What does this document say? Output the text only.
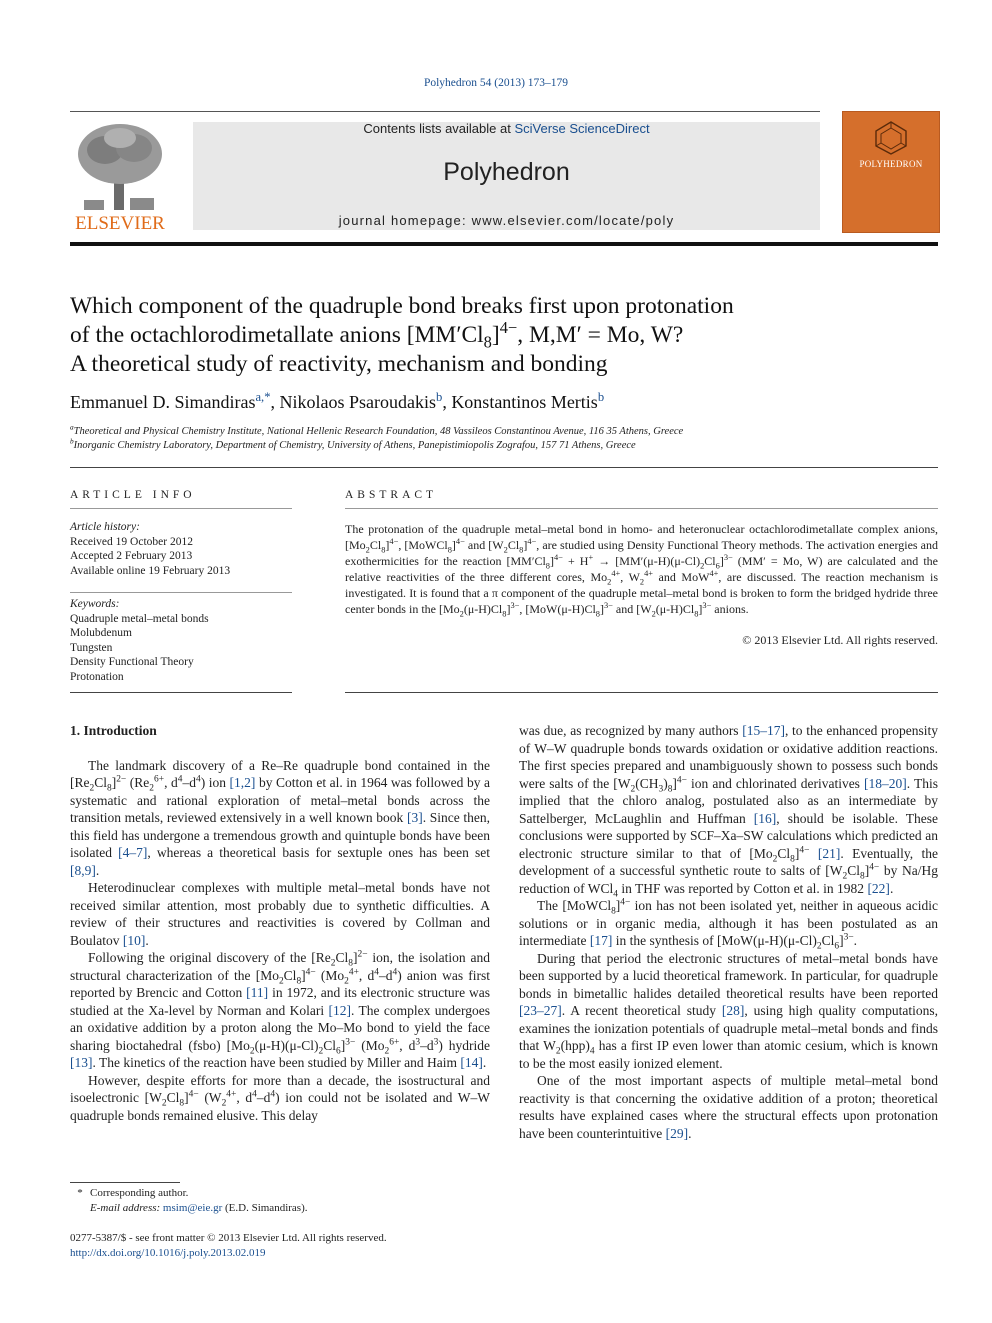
Polyhedron 54 (2013) 173–179
ELSEVIER
Contents lists available at SciVerse ScienceDirect
Polyhedron
journal homepage: www.elsevier.com/locate/poly
POLYHEDRON
Which component of the quadruple bond breaks first upon protonation
of the octachlorodimetallate anions $[MM'Cl_8]^{4-}$, M,M′ = Mo, W?
A theoretical study of reactivity, mechanism and bonding
Emmanuel D. Simandiras$^{a,*}$, Nikolaos Psaroudakis$^b$, Konstantinos Mertis$^b$
$^a$Theoretical and Physical Chemistry Institute, National Hellenic Research Foundation, 48 Vassileos Constantinou Avenue, 116 35 Athens, Greece
$^b$Inorganic Chemistry Laboratory, Department of Chemistry, University of Athens, Panepistimiopolis Zografou, 157 71 Athens, Greece
ARTICLE INFO	ABSTRACT
Article history:
Received 19 October 2012
Accepted 2 February 2013
Available online 19 February 2013
Keywords:
Quadruple metal–metal bonds
Molubdenum
Tungsten
Density Functional Theory
Protonation
The protonation of the quadruple metal–metal bond in homo- and heteronuclear octachlorodimetallate complex anions, $[Mo_2Cl_8]^{4-}$, [MoWCl$_8$]$^{4-}$ and $[W_2Cl_8]^{4-}$, are studied using Density Functional Theory methods. The activation energies and exothermicities for the reaction $[MM'Cl_8]^{4-} + H^+ \to [MM'(\mu-H)(\mu-Cl)_2Cl_6]^{3-}$ (MM′ = Mo, W) are calculated and the relative reactivities of the three different cores, $Mo_2^{4+}$, $W_2^{4+}$ and MoW$^{4+}$, are discussed. The reaction mechanism is investigated. It is found that a π component of the quadruple metal–metal bond is broken to form the bridged hydride three center bonds in the $[Mo_2(\mu-H)Cl_8]^{3-}$, $[MoW(\mu-H)Cl_8]^{3-}$ and $[W_2(\mu-H)Cl_8]^{3-}$ anions.
© 2013 Elsevier Ltd. All rights reserved.
1. Introduction

The landmark discovery of a Re–Re quadruple bond contained in the $[Re_2Cl_8]^{2-}$ ($Re_2^{6+}$, $d^4-d^4$) ion [1,2] by Cotton et al. in 1964 was followed by a systematic and rational exploration of metal–metal bonds across the transition metals, reviewed extensively in a well known book [3]. Since then, this field has undergone a tremendous growth and quintuple bonds have been isolated [4–7], whereas a theoretical basis for sextuple ones has been set [8,9].

Heterodinuclear complexes with multiple metal–metal bonds have not received similar attention, most probably due to synthetic difficulties. A review of their structures and reactivities is covered by Collman and Boulatov [10].

Following the original discovery of the $[Re_2Cl_8]^{2-}$ ion, the isolation and structural characterization of the $[Mo_2Cl_8]^{4-}$ ($Mo_2^{4+}$, $d^4-d^4$) anion was first reported by Brencic and Cotton [11] in 1972, and its electronic structure was studied at the Xa-level by Norman and Kolari [12]. The complex undergoes an oxidative addition by a proton along the Mo–Mo bond to yield the face sharing bioctahedral (fsbo) $[Mo_2(\mu-H)(\mu-Cl)_2Cl_6]^{3-}$ ($Mo_2^{6+}$, $d^3-d^3$) hydride [13]. The kinetics of the reaction have been studied by Miller and Haim [14].

However, despite efforts for more than a decade, the isostructural and isoelectronic $[W_2Cl_8]^{4-}$ ($W_2^{4+}$, $d^4-d^4$) ion could not be isolated and W–W quadruple bonds remained elusive. This delay

was due, as recognized by many authors [15–17], to the enhanced propensity of W–W quadruple bonds towards oxidation or oxidative addition reactions. The first species prepared and unambiguously shown to possess such bonds were salts of the $[W_2(CH_3)_8]^{4-}$ ion and chlorinated derivatives [18–20]. This implied that the chloro analog, postulated also as an intermediate by Sattelberger, McLaughlin and Huffman [16], should be isolable. These conclusions were supported by SCF–Xa–SW calculations which predicted an electronic structure similar to that of $[Mo_2Cl_8]^{4-}$ [21]. Eventually, the development of a successful synthetic route to salts of $[W_2Cl_8]^{4-}$ by Na/Hg reduction of WCl$_4$ in THF was reported by Cotton et al. in 1982 [22].

The [MoWCl$_8$]$^{4-}$ ion has not been isolated yet, neither in aqueous acidic solutions or in organic media, although it has been postulated as an intermediate [17] in the synthesis of $[MoW(\mu-H)(\mu-Cl)_2Cl_6]^{3-}$.

During that period the electronic structures of metal–metal bonds have been supported by a lucid theoretical framework. In particular, for quadruple bonds in bimetallic halides detailed theoretical results have been reported [23–27]. A recent theoretical study [28], using high quality computations, examines the ionization potentials of quadruple metal–metal bonds and finds that $W_2(hpp)_4$ has a first IP even lower than atomic cesium, which is known to be the most easily ionized element.

One of the most important aspects of multiple metal–metal bond reactivity is that concerning the oxidative addition of a proton; theoretical results have explained cases where the structural effects upon protonation have been counterintuitive [29].

* Corresponding author.
E-mail address: msim@eie.gr (E.D. Simandiras).
0277-5387/$ - see front matter © 2013 Elsevier Ltd. All rights reserved.
http://dx.doi.org/10.1016/j.poly.2013.02.019
